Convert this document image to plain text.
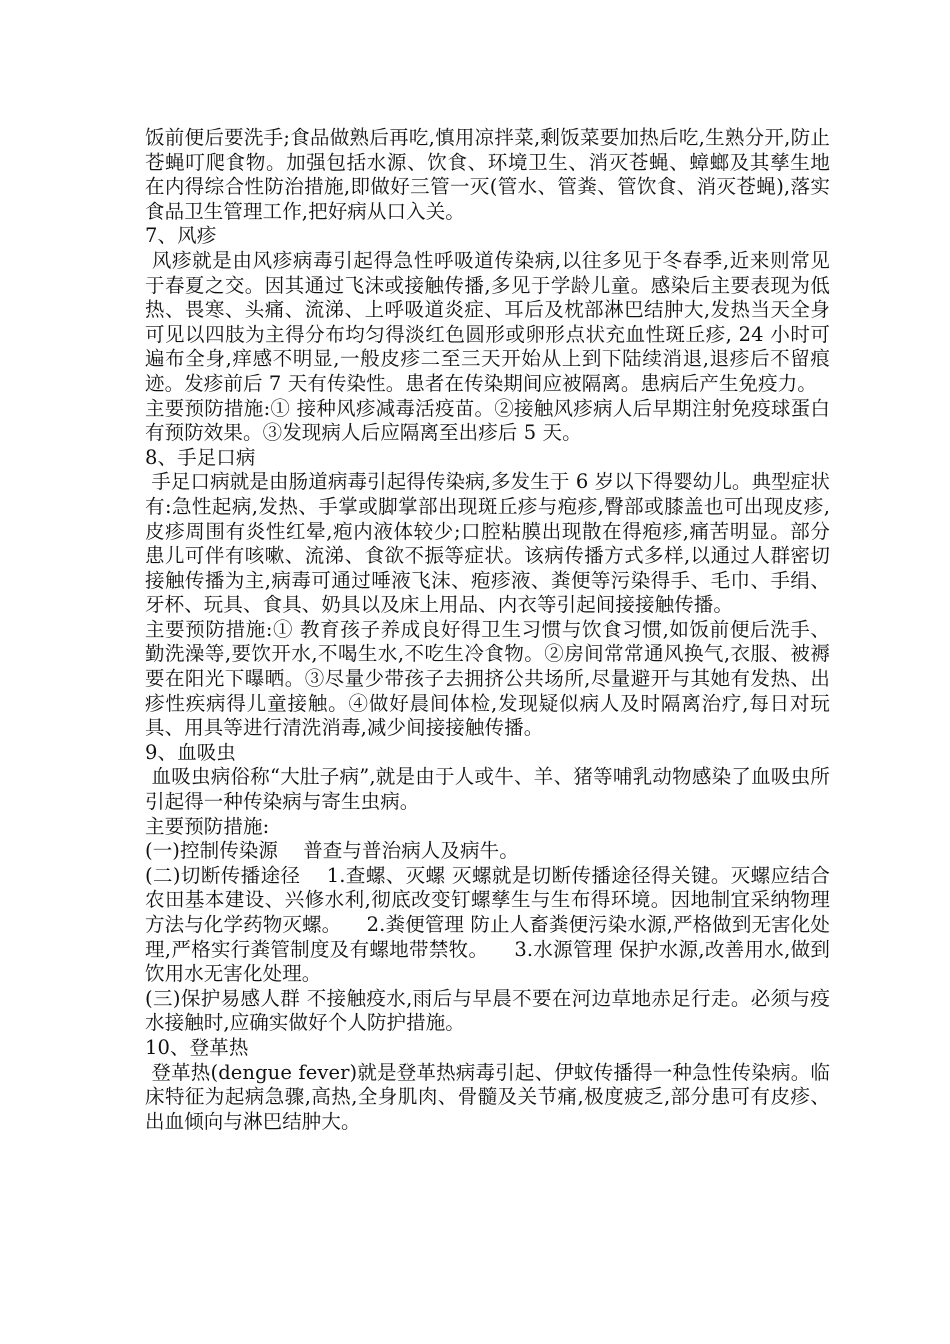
饭前便后要洗手;食品做熟后再吃,慎用凉拌菜,剩饭菜要加热后吃,生熟分开,防止苍蝇叮爬食物。加强包括水源、饮食、环境卫生、消灭苍蝇、蟑螂及其孳生地在内得综合性防治措施,即做好三管一灭(管水、管粪、管饮食、消灭苍蝇),落实食品卫生管理工作,把好病从口入关。
7、风疹
风疹就是由风疹病毒引起得急性呼吸道传染病,以往多见于冬春季,近来则常见于春夏之交。因其通过飞沫或接触传播,多见于学龄儿童。感染后主要表现为低热、畏寒、头痛、流涕、上呼吸道炎症、耳后及枕部淋巴结肿大,发热当天全身可见以四肢为主得分布均匀得淡红色圆形或卵形点状充血性斑丘疹, 24 小时可遍布全身,痒感不明显,一般皮疹二至三天开始从上到下陆续消退,退疹后不留痕迹。发疹前后 7 天有传染性。患者在传染期间应被隔离。患病后产生免疫力。
主要预防措施:① 接种风疹减毒活疫苗。②接触风疹病人后早期注射免疫球蛋白有预防效果。③发现病人后应隔离至出疹后 5 天。
8、手足口病
手足口病就是由肠道病毒引起得传染病,多发生于 6 岁以下得婴幼儿。典型症状有:急性起病,发热、手掌或脚掌部出现斑丘疹与疱疹,臀部或膝盖也可出现皮疹,皮疹周围有炎性红晕,疱内液体较少;口腔粘膜出现散在得疱疹,痛苦明显。部分患儿可伴有咳嗽、流涕、食欲不振等症状。该病传播方式多样,以通过人群密切接触传播为主,病毒可通过唾液飞沫、疱疹液、粪便等污染得手、毛巾、手绢、牙杯、玩具、食具、奶具以及床上用品、内衣等引起间接接触传播。
主要预防措施:① 教育孩子养成良好得卫生习惯与饮食习惯,如饭前便后洗手、勤洗澡等,要饮开水,不喝生水,不吃生冷食物。②房间常常通风换气,衣服、被褥要在阳光下曝晒。③尽量少带孩子去拥挤公共场所,尽量避开与其她有发热、出疹性疾病得儿童接触。④做好晨间体检,发现疑似病人及时隔离治疗,每日对玩具、用具等进行清洗消毒,减少间接接触传播。
9、血吸虫
血吸虫病俗称“大肚子病”,就是由于人或牛、羊、猪等哺乳动物感染了血吸虫所引起得一种传染病与寄生虫病。
主要预防措施:
(一)控制传染源    普查与普治病人及病牛。
(二)切断传播途径    1.查螺、灭螺 灭螺就是切断传播途径得关键。灭螺应结合农田基本建设、兴修水利,彻底改变钉螺孳生与生布得环境。因地制宜采纳物理方法与化学药物灭螺。    2.粪便管理 防止人畜粪便污染水源,严格做到无害化处理,严格实行粪管制度及有螺地带禁牧。    3.水源管理 保护水源,改善用水,做到饮用水无害化处理。
(三)保护易感人群 不接触疫水,雨后与早晨不要在河边草地赤足行走。必须与疫水接触时,应确实做好个人防护措施。
10、登革热
登革热(dengue fever)就是登革热病毒引起、伊蚊传播得一种急性传染病。临床特征为起病急骤,高热,全身肌肉、骨髓及关节痛,极度疲乏,部分患可有皮疹、出血倾向与淋巴结肿大。
